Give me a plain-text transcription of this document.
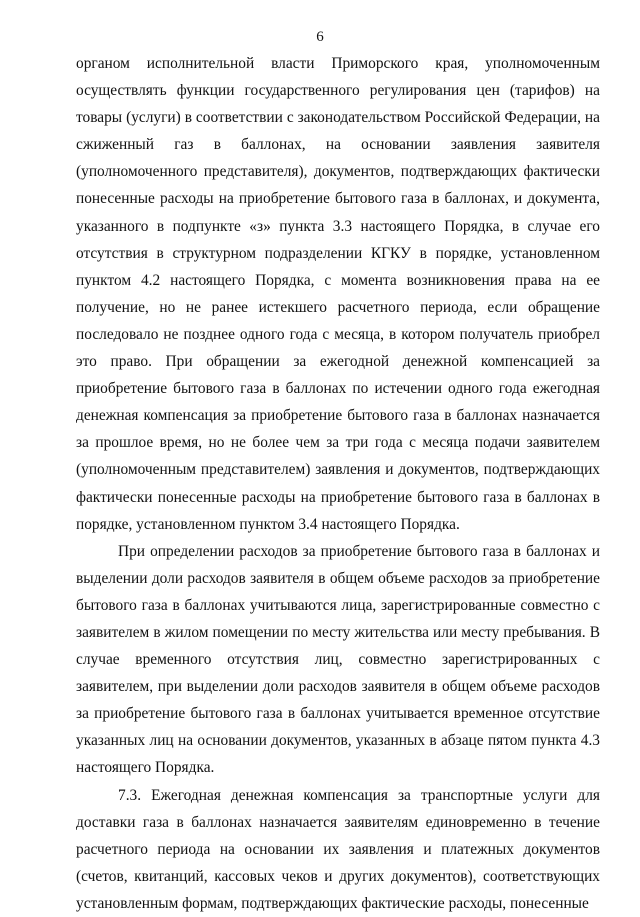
6

органом исполнительной власти Приморского края, уполномоченным осуществлять функции государственного регулирования цен (тарифов) на товары (услуги) в соответствии с законодательством Российской Федерации, на сжиженный газ в баллонах, на основании заявления заявителя (уполномоченного представителя), документов, подтверждающих фактически понесенные расходы на приобретение бытового газа в баллонах, и документа, указанного в подпункте «з» пункта 3.3 настоящего Порядка, в случае его отсутствия в структурном подразделении КГКУ в порядке, установленном пунктом 4.2 настоящего Порядка, с момента возникновения права на ее получение, но не ранее истекшего расчетного периода, если обращение последовало не позднее одного года с месяца, в котором получатель приобрел это право. При обращении за ежегодной денежной компенсацией за приобретение бытового газа в баллонах по истечении одного года ежегодная денежная компенсация за приобретение бытового газа в баллонах назначается за прошлое время, но не более чем за три года с месяца подачи заявителем (уполномоченным представителем) заявления и документов, подтверждающих фактически понесенные расходы на приобретение бытового газа в баллонах в порядке, установленном пунктом 3.4 настоящего Порядка.

При определении расходов за приобретение бытового газа в баллонах и выделении доли расходов заявителя в общем объеме расходов за приобретение бытового газа в баллонах учитываются лица, зарегистрированные совместно с заявителем в жилом помещении по месту жительства или месту пребывания. В случае временного отсутствия лиц, совместно зарегистрированных с заявителем, при выделении доли расходов заявителя в общем объеме расходов за приобретение бытового газа в баллонах учитывается временное отсутствие указанных лиц на основании документов, указанных в абзаце пятом пункта 4.3 настоящего Порядка.

7.3. Ежегодная денежная компенсация за транспортные услуги для доставки газа в баллонах назначается заявителям единовременно в течение расчетного периода на основании их заявления и платежных документов (счетов, квитанций, кассовых чеков и других документов), соответствующих установленным формам, подтверждающих фактические расходы, понесенные
